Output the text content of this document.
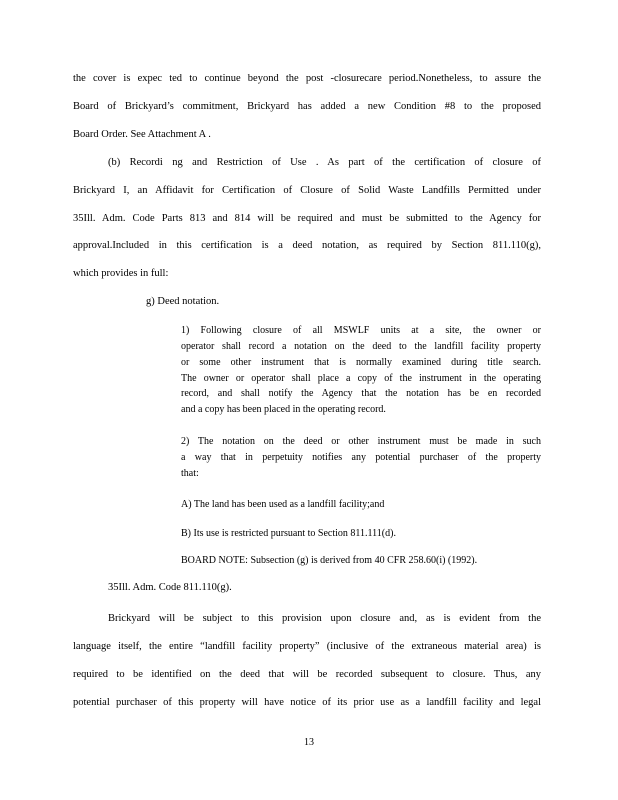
the cover is expec ted to continue beyond the post -closurecare period.Nonetheless, to assure the
Board of Brickyard’s commitment, Brickyard has added a new Condition #8 to the proposed
Board Order. See Attachment A .
(b) Recordi ng and Restriction of Use . As part of the certification of closure of
Brickyard I, an Affidavit for Certification of Closure of Solid Waste Landfills Permitted under
35Ill. Adm. Code Parts 813 and 814 will be required and must be submitted to the Agency for
approval.Included in this certification is a deed notation, as required by Section 811.110(g),
which provides in full:
g) Deed notation.
1) Following closure of all MSWLF units at a site, the owner or
operator shall record a notation on the deed to the landfill facility property
or some other instrument that is normally examined during title search.
The owner or operator shall place a copy of the instrument in the operating
record, and shall notify the Agency that the notation has be en recorded
and a copy has been placed in the operating record.
2) The notation on the deed or other instrument must be made in such
a way that in perpetuity notifies any potential purchaser of the property
that:
A) The land has been used as a landfill facility;and
B) Its use is restricted pursuant to Section 811.111(d).
BOARD NOTE: Subsection (g) is derived from 40 CFR 258.60(i) (1992).
35Ill. Adm. Code 811.110(g).
Brickyard will be subject to this provision upon closure and, as is evident from the
language itself, the entire “landfill facility property” (inclusive of the extraneous material area) is
required to be identified on the deed that will be recorded subsequent to closure. Thus, any
potential purchaser of this property will have notice of its prior use as a landfill facility and legal
13
